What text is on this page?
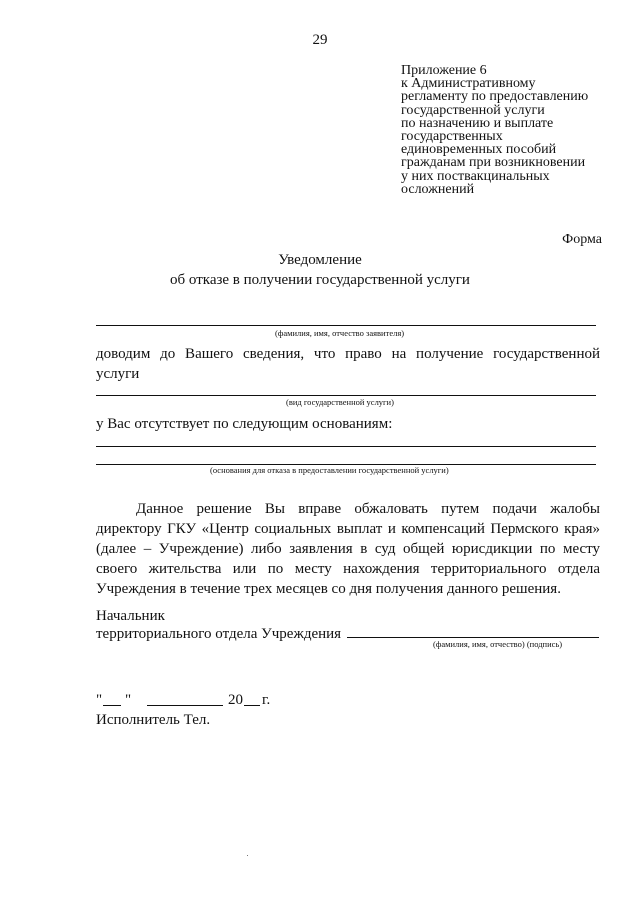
29
Приложение 6
к Административному
регламенту по предоставлению
государственной услуги
по назначению и выплате
государственных
единовременных пособий
гражданам при возникновении
у них поствакцинальных
осложнений
Форма
Уведомление
об отказе в получении государственной услуги
(фамилия, имя, отчество заявителя)
доводим до Вашего сведения, что право на получение государственной
услуги
(вид государственной услуги)
у Вас отсутствует по следующим основаниям:
(основания для отказа в предоставлении государственной услуги)
Данное решение Вы вправе обжаловать путем подачи жалобы
директору ГКУ «Центр социальных выплат и компенсаций Пермского края»
(далее – Учреждение) либо заявления в суд общей юрисдикции по месту
своего жительства или по месту нахождения территориального отдела
Учреждения в течение трех месяцев со дня получения данного решения.
Начальник
территориального отдела Учреждения
(фамилия, имя, отчество) (подпись)
" "	20 г.
Исполнитель Тел.
